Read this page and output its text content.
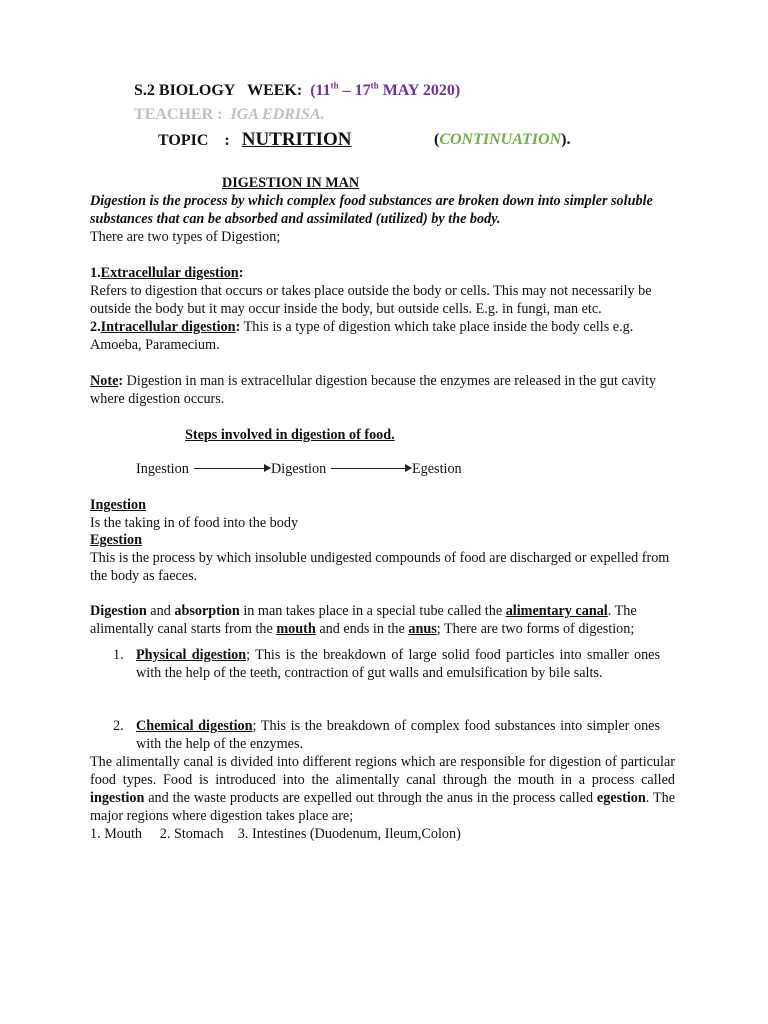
S.2 BIOLOGY WEEK: (11th – 17th MAY 2020)
TEACHER : IGA EDRISA.
TOPIC : NUTRITION	(CONTINUATION).
DIGESTION IN MAN
Digestion is the process by which complex food substances are broken down into simpler soluble substances that can be absorbed and assimilated (utilized) by the body.
There are two types of Digestion;
1.Extracellular digestion:
Refers to digestion that occurs or takes place outside the body or cells. This may not necessarily be outside the body but it may occur inside the body, but outside cells. E.g. in fungi, man etc.
2.Intracellular digestion: This is a type of digestion which take place inside the body cells e.g. Amoeba, Paramecium.
Note: Digestion in man is extracellular digestion because the enzymes are released in the gut cavity where digestion occurs.
Steps involved in digestion of food.
Ingestion	Digestion	Egestion
Ingestion
Is the taking in of food into the body
Egestion
This is the process by which insoluble undigested compounds of food are discharged or expelled from the body as faeces.
Digestion and absorption in man takes place in a special tube called the alimentary canal. The alimentally canal starts from the mouth and ends in the anus; There are two forms of digestion;
1. Physical digestion; This is the breakdown of large solid food particles into smaller ones with the help of the teeth, contraction of gut walls and emulsification by bile salts.
2. Chemical digestion; This is the breakdown of complex food substances into simpler ones with the help of the enzymes.
The alimentally canal is divided into different regions which are responsible for digestion of particular food types. Food is introduced into the alimentally canal through the mouth in a process called ingestion and the waste products are expelled out through the anus in the process called egestion. The major regions where digestion takes place are;
1. Mouth     2. Stomach    3. Intestines (Duodenum, Ileum,Colon)
